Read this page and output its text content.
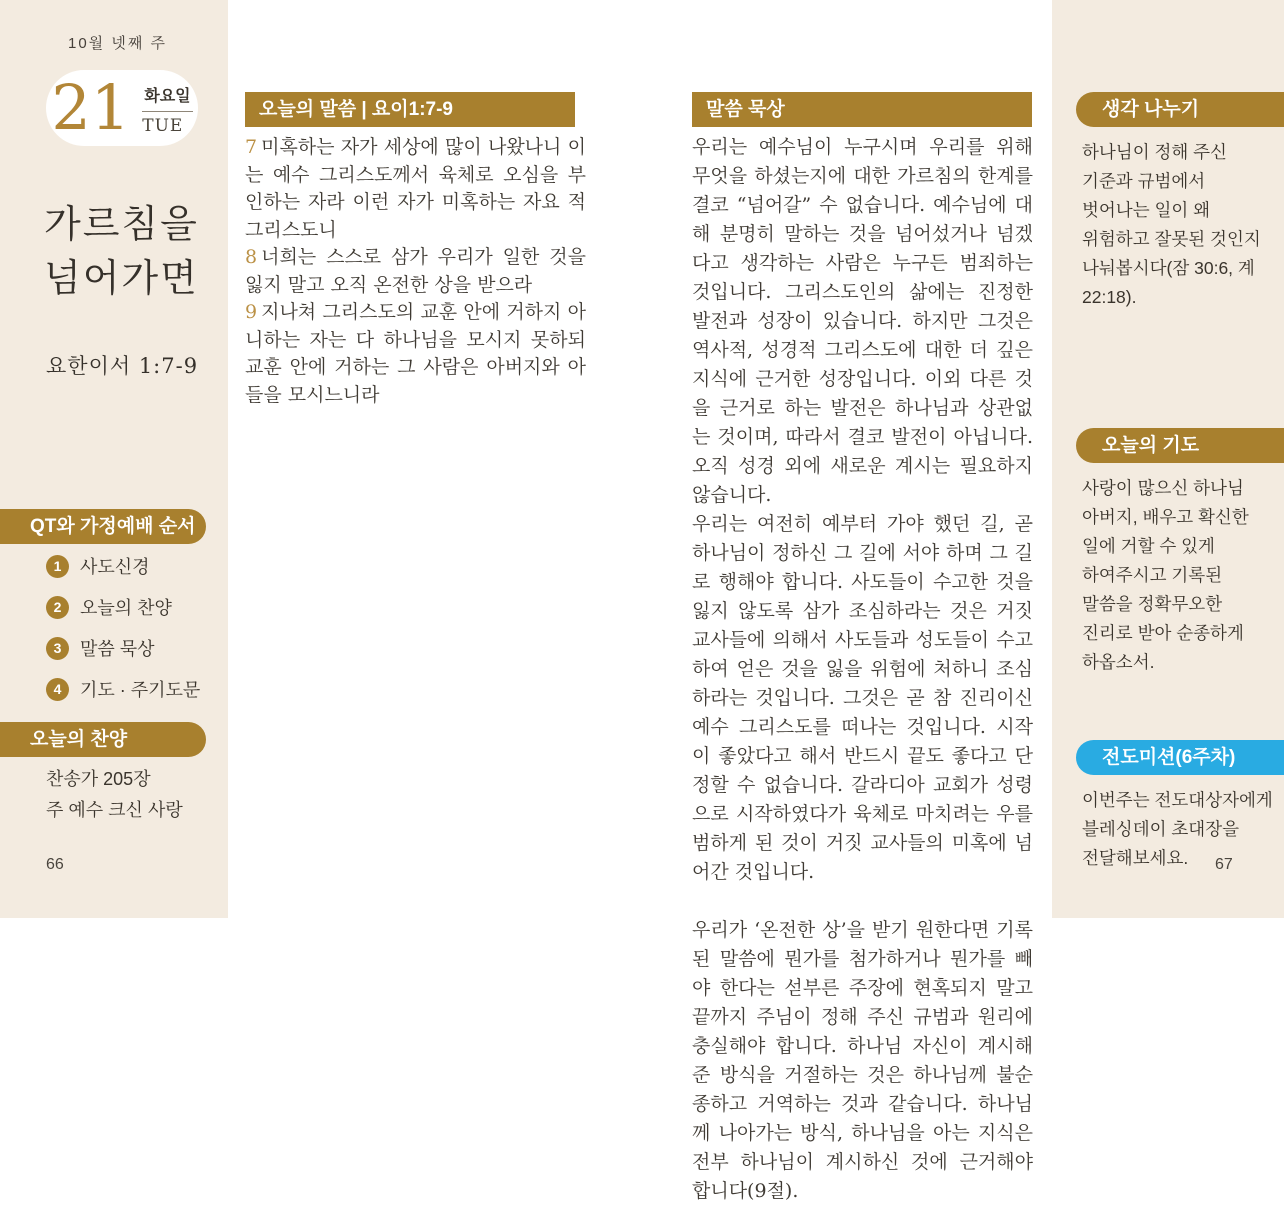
10월 넷째 주
21 화요일
TUE
가르침을
넘어가면
요한이서 1:7-9
QT와 가정예배 순서
1	사도신경
2	오늘의 찬양
3	말씀 묵상
4	기도 · 주기도문
오늘의 찬양
찬송가 205장
주 예수 크신 사랑
66
오늘의 말씀 | 요이1:7-9

7 미혹하는 자가 세상에 많이 나왔나니 이는 예수 그리스도께서 육체로 오심을 부인하는 자라 이런 자가 미혹하는 자요 적그리스도니

8 너희는 스스로 삼가 우리가 일한 것을 잃지 말고 오직 온전한 상을 받으라

9 지나쳐 그리스도의 교훈 안에 거하지 아니하는 자는 다 하나님을 모시지 못하되 교훈 안에 거하는 그 사람은 아버지와 아들을 모시느니라

말씀 묵상

우리는 예수님이 누구시며 우리를 위해 무엇을 하셨는지에 대한 가르침의 한계를 결코 “넘어갈” 수 없습니다. 예수님에 대해 분명히 말하는 것을 넘어섰거나 넘겠다고 생각하는 사람은 누구든 범죄하는 것입니다. 그리스도인의 삶에는 진정한 발전과 성장이 있습니다. 하지만 그것은 역사적, 성경적 그리스도에 대한 더 깊은 지식에 근거한 성장입니다. 이외 다른 것을 근거로 하는 발전은 하나님과 상관없는 것이며, 따라서 결코 발전이 아닙니다. 오직 성경 외에 새로운 계시는 필요하지 않습니다.

우리는 여전히 예부터 가야 했던 길, 곧 하나님이 정하신 그 길에 서야 하며 그 길로 행해야 합니다. 사도들이 수고한 것을 잃지 않도록 삼가 조심하라는 것은 거짓교사들에 의해서 사도들과 성도들이 수고하여 얻은 것을 잃을 위험에 처하니 조심하라는 것입니다. 그것은 곧 참 진리이신 예수 그리스도를 떠나는 것입니다. 시작이 좋았다고 해서 반드시 끝도 좋다고 단정할 수 없습니다. 갈라디아 교회가 성령으로 시작하였다가 육체로 마치려는 우를 범하게 된 것이 거짓 교사들의 미혹에 넘어간 것입니다.

우리가 ‘온전한 상’을 받기 원한다면 기록된 말씀에 뭔가를 첨가하거나 뭔가를 빼야 한다는 섣부른 주장에 현혹되지 말고 끝까지 주님이 정해 주신 규범과 원리에 충실해야 합니다. 하나님 자신이 계시해 준 방식을 거절하는 것은 하나님께 불순종하고 거역하는 것과 같습니다. 하나님께 나아가는 방식, 하나님을 아는 지식은 전부 하나님이 계시하신 것에 근거해야 합니다(9절).

생각 나누기
하나님이 정해 주신 기준과 규범에서 벗어나는 일이 왜 위험하고 잘못된 것인지 나눠봅시다(잠 30:6, 계 22:18).
오늘의 기도
사랑이 많으신 하나님 아버지, 배우고 확신한 일에 거할 수 있게 하여주시고 기록된 말씀을 정확무오한 진리로 받아 순종하게 하옵소서.
전도미션(6주차)
이번주는 전도대상자에게 블레싱데이 초대장을 전달해보세요.	67
